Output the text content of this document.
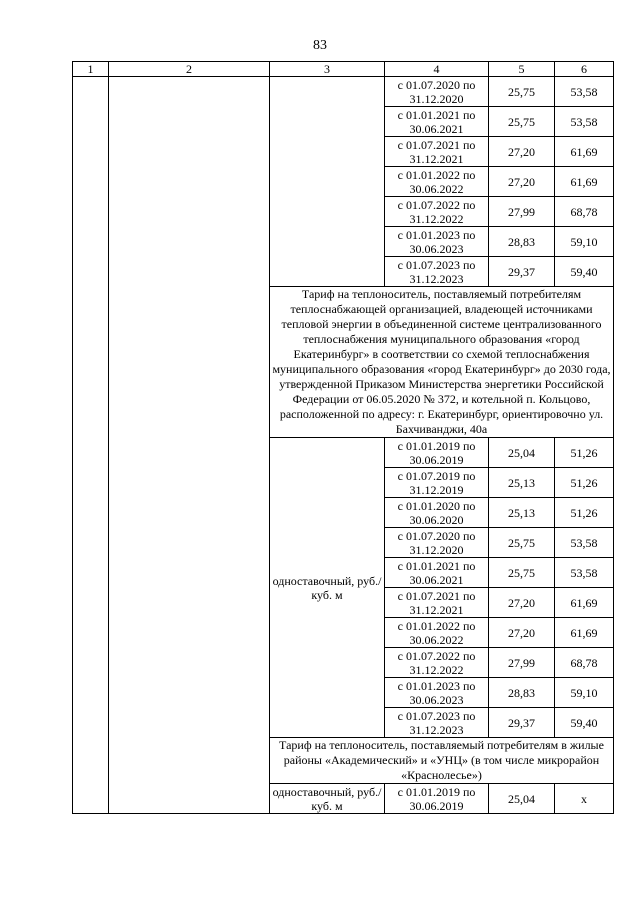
83
1	2	3	4	5	6
			с 01.07.2020 по 31.12.2020	25,75	53,58
			с 01.01.2021 по 30.06.2021	25,75	53,58
			с 01.07.2021 по 31.12.2021	27,20	61,69
			с 01.01.2022 по 30.06.2022	27,20	61,69
			с 01.07.2022 по 31.12.2022	27,99	68,78
			с 01.01.2023 по 30.06.2023	28,83	59,10
			с 01.07.2023 по 31.12.2023	29,37	59,40
		Тариф на теплоноситель, поставляемый потребителям теплоснабжающей организацией, владеющей источниками тепловой энергии в объединенной системе централизованного теплоснабжения муниципального образования «город Екатеринбург» в соответствии со схемой теплоснабжения муниципального образования «город Екатеринбург» до 2030 года, утвержденной Приказом Министерства энергетики Российской Федерации от 06.05.2020 № 372, и котельной п. Кольцово, расположенной по адресу: г. Екатеринбург, ориентировочно ул. Бахчиванджи, 40а			
		одноставочный, руб./куб. м	с 01.01.2019 по 30.06.2019	25,04	51,26
			с 01.07.2019 по 31.12.2019	25,13	51,26
			с 01.01.2020 по 30.06.2020	25,13	51,26
			с 01.07.2020 по 31.12.2020	25,75	53,58
			с 01.01.2021 по 30.06.2021	25,75	53,58
			с 01.07.2021 по 31.12.2021	27,20	61,69
			с 01.01.2022 по 30.06.2022	27,20	61,69
			с 01.07.2022 по 31.12.2022	27,99	68,78
			с 01.01.2023 по 30.06.2023	28,83	59,10
			с 01.07.2023 по 31.12.2023	29,37	59,40
		Тариф на теплоноситель, поставляемый потребителям в жилые районы «Академический» и «УНЦ» (в том числе микрорайон «Краснолесье»)			
		одноставочный, руб./куб. м	с 01.01.2019 по 30.06.2019	25,04	x
